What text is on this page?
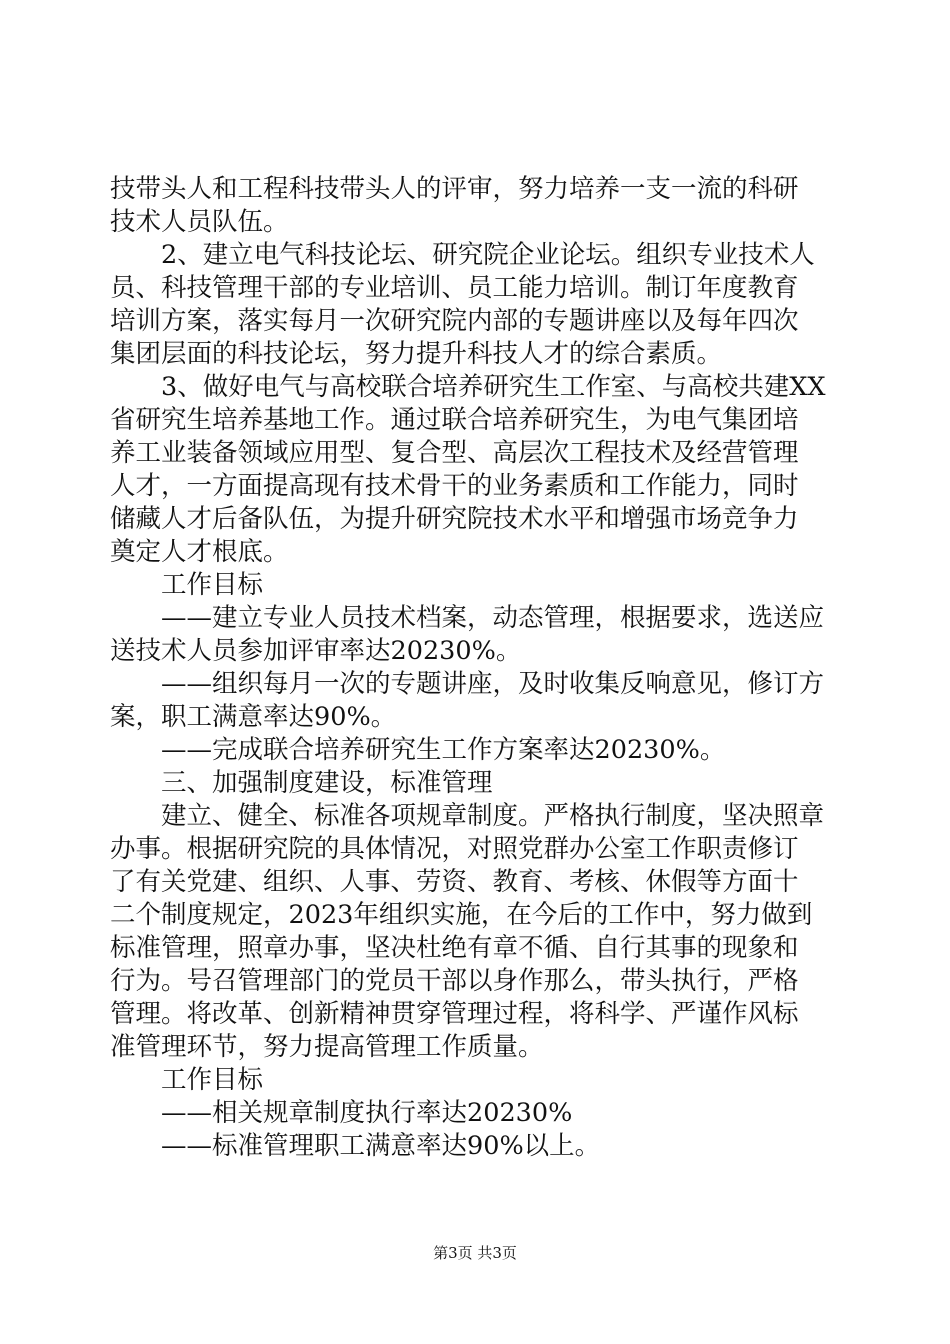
技带头人和工程科技带头人的评审，努力培养一支一流的科研
技术人员队伍。
　　2、建立电气科技论坛、研究院企业论坛。组织专业技术人
员、科技管理干部的专业培训、员工能力培训。制订年度教育
培训方案，落实每月一次研究院内部的专题讲座以及每年四次
集团层面的科技论坛，努力提升科技人才的综合素质。
　　3、做好电气与高校联合培养研究生工作室、与高校共建XX
省研究生培养基地工作。通过联合培养研究生，为电气集团培
养工业装备领域应用型、复合型、高层次工程技术及经营管理
人才，一方面提高现有技术骨干的业务素质和工作能力，同时
储藏人才后备队伍，为提升研究院技术水平和增强市场竞争力
奠定人才根底。
　　工作目标
　　——建立专业人员技术档案，动态管理，根据要求，选送应
送技术人员参加评审率达20230%。
　　——组织每月一次的专题讲座，及时收集反响意见，修订方
案，职工满意率达90%。
　　——完成联合培养研究生工作方案率达20230%。
　　三、加强制度建设，标准管理
　　建立、健全、标准各项规章制度。严格执行制度，坚决照章
办事。根据研究院的具体情况，对照党群办公室工作职责修订
了有关党建、组织、人事、劳资、教育、考核、休假等方面十
二个制度规定，2023年组织实施，在今后的工作中，努力做到
标准管理，照章办事，坚决杜绝有章不循、自行其事的现象和
行为。号召管理部门的党员干部以身作那么，带头执行，严格
管理。将改革、创新精神贯穿管理过程，将科学、严谨作风标
准管理环节，努力提高管理工作质量。
　　工作目标
　　——相关规章制度执行率达20230%
　　——标准管理职工满意率达90%以上。
第3页 共3页
